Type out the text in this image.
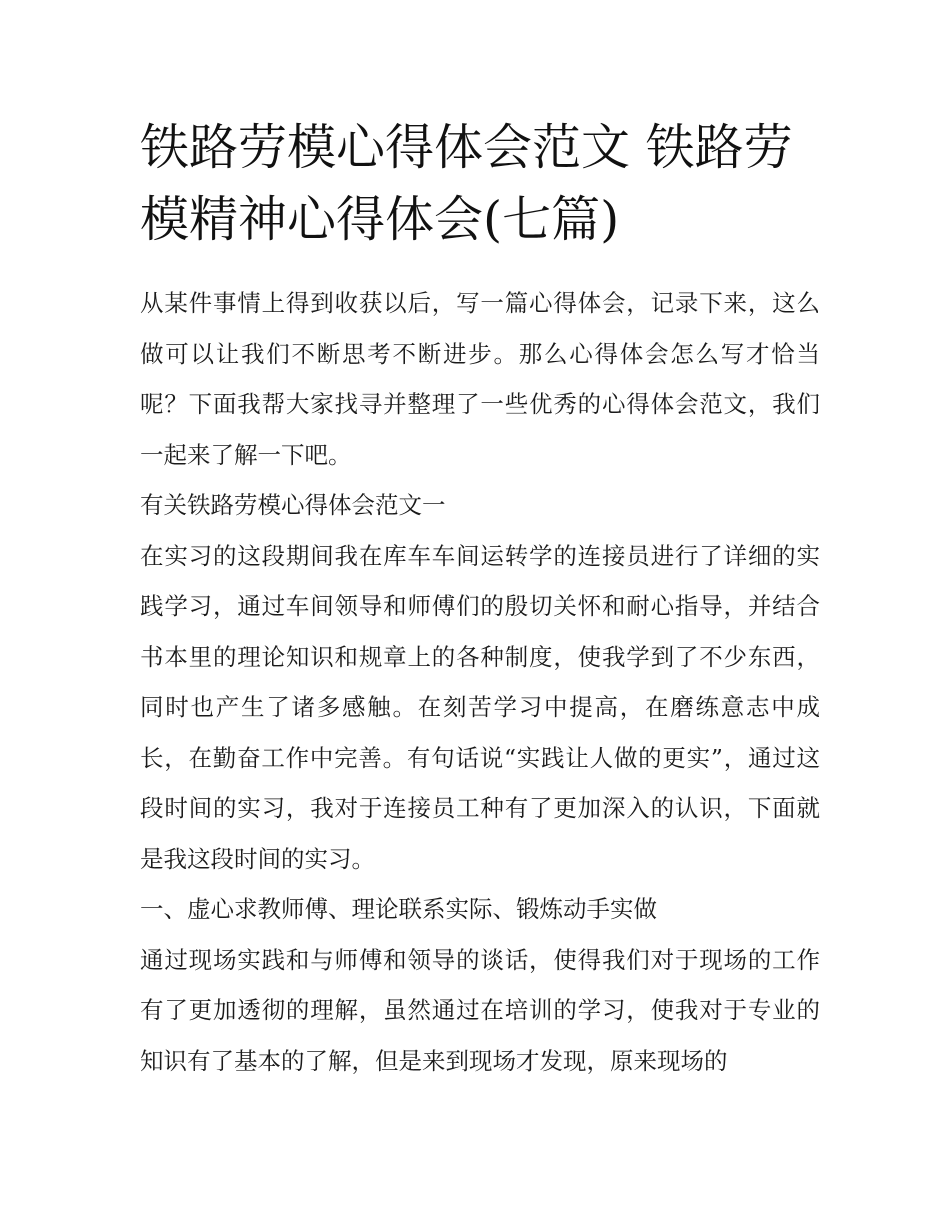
铁路劳模心得体会范文 铁路劳模精神心得体会(七篇)

从某件事情上得到收获以后，写一篇心得体会，记录下来，这么做可以让我们不断思考不断进步。那么心得体会怎么写才恰当呢？下面我帮大家找寻并整理了一些优秀的心得体会范文，我们一起来了解一下吧。

有关铁路劳模心得体会范文一

在实习的这段期间我在库车车间运转学的连接员进行了详细的实践学习，通过车间领导和师傅们的殷切关怀和耐心指导，并结合书本里的理论知识和规章上的各种制度，使我学到了不少东西，同时也产生了诸多感触。在刻苦学习中提高，在磨练意志中成长，在勤奋工作中完善。有句话说“实践让人做的更实”，通过这段时间的实习，我对于连接员工种有了更加深入的认识，下面就是我这段时间的实习。

一、虚心求教师傅、理论联系实际、锻炼动手实做

通过现场实践和与师傅和领导的谈话，使得我们对于现场的工作有了更加透彻的理解，虽然通过在培训的学习，使我对于专业的知识有了基本的了解，但是来到现场才发现，原来现场的
